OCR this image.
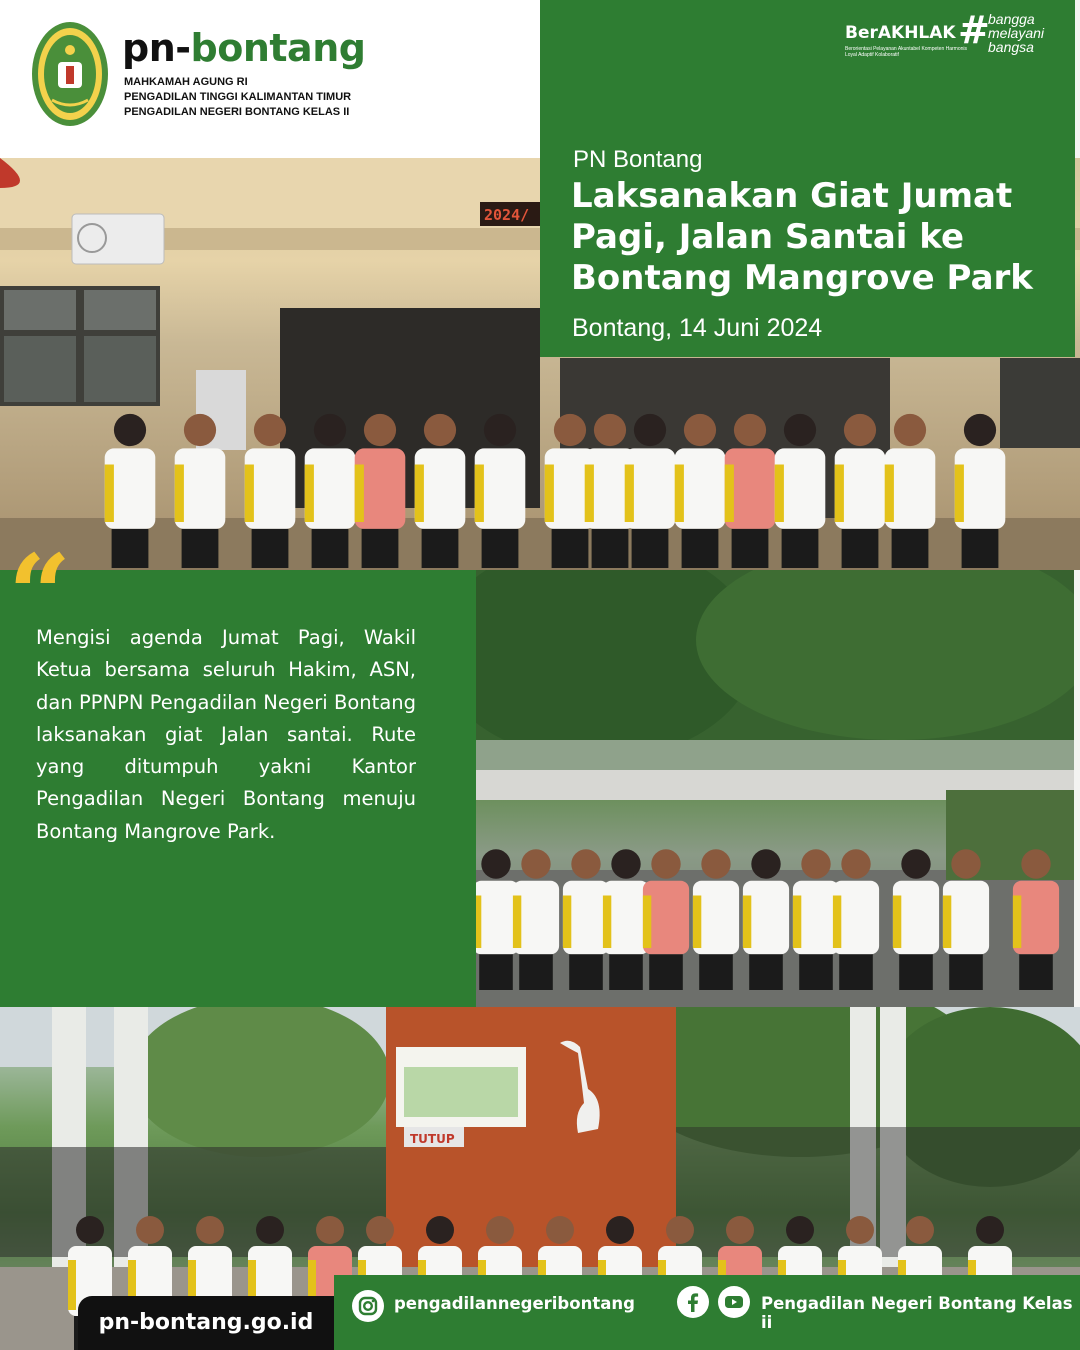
2024/
TUTUP
pn-bontang
MAHKAMAH AGUNG RI
PENGADILAN TINGGI KALIMANTAN TIMUR
PENGADILAN NEGERI BONTANG KELAS II
BerAKHLAK
Berorientasi Pelayanan Akuntabel Kompeten Harmonis Loyal Adaptif Kolaboratif
#
bangga
melayani
bangsa
PN Bontang
Laksanakan Giat Jumat Pagi, Jalan Santai ke Bontang Mangrove Park
Bontang, 14 Juni 2024
“
Mengisi agenda Jumat Pagi, Wakil Ketua bersama seluruh Hakim, ASN, dan PPNPN Pengadilan Negeri Bontang laksanakan giat Jalan santai. Rute yang ditumpuh yakni Kantor Pengadilan Negeri Bontang menuju Bontang Mangrove Park.
pn-bontang.go.id
pengadilannegeribontang	Pengadilan Negeri Bontang Kelas ii
